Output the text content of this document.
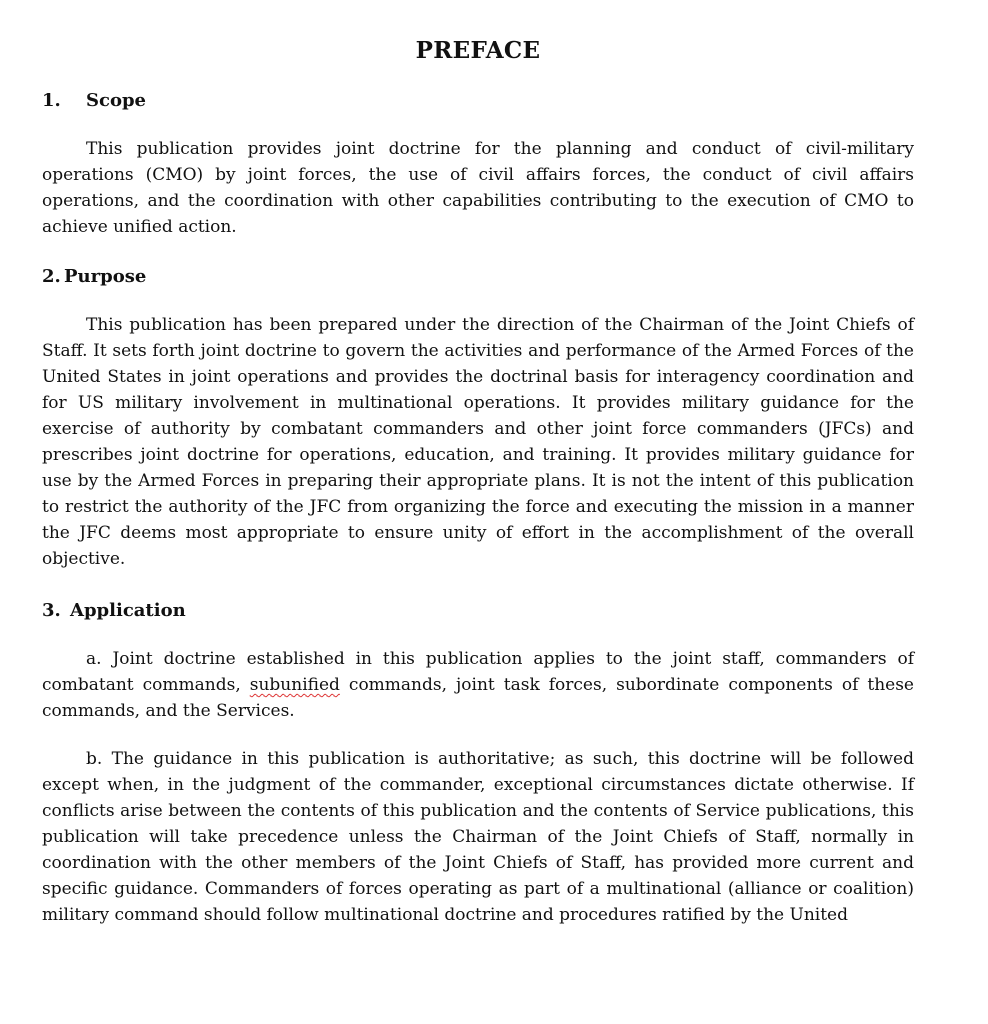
PREFACE
1. Scope

This publication provides joint doctrine for the planning and conduct of civil-military operations (CMO) by joint forces, the use of civil affairs forces, the conduct of civil affairs operations, and the coordination with other capabilities contributing to the execution of CMO to achieve unified action.

2. Purpose

This publication has been prepared under the direction of the Chairman of the Joint Chiefs of Staff. It sets forth joint doctrine to govern the activities and performance of the Armed Forces of the United States in joint operations and provides the doctrinal basis for interagency coordination and for US military involvement in multinational operations. It provides military guidance for the exercise of authority by combatant commanders and other joint force commanders (JFCs) and prescribes joint doctrine for operations, education, and training. It provides military guidance for use by the Armed Forces in preparing their appropriate plans. It is not the intent of this publication to restrict the authority of the JFC from organizing the force and executing the mission in a manner the JFC deems most appropriate to ensure unity of effort in the accomplishment of the overall objective.

3. Application

a. Joint doctrine established in this publication applies to the joint staff, commanders of combatant commands, subunified commands, joint task forces, subordinate components of these commands, and the Services.

b. The guidance in this publication is authoritative; as such, this doctrine will be followed except when, in the judgment of the commander, exceptional circumstances dictate otherwise. If conflicts arise between the contents of this publication and the contents of Service publications, this publication will take precedence unless the Chairman of the Joint Chiefs of Staff, normally in coordination with the other members of the Joint Chiefs of Staff, has provided more current and specific guidance. Commanders of forces operating as part of a multinational (alliance or coalition) military command should follow multinational doctrine and procedures ratified by the United
